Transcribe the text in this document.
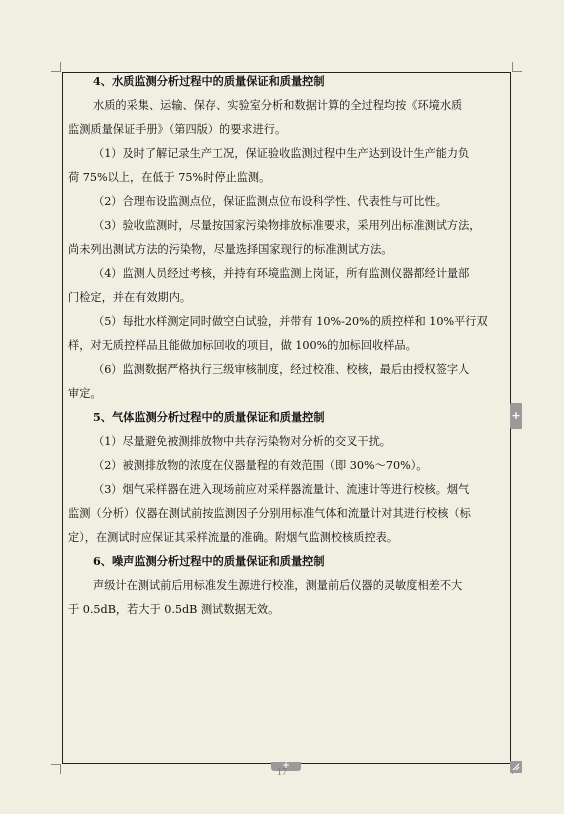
4、水质监测分析过程中的质量保证和质量控制
水质的采集、运输、保存、实验室分析和数据计算的全过程均按《环境水质
监测质量保证手册》（第四版）的要求进行。
（1）及时了解记录生产工况，保证验收监测过程中生产达到设计生产能力负
荷 75%以上，在低于 75%时停止监测。
（2）合理布设监测点位，保证监测点位布设科学性、代表性与可比性。
（3）验收监测时，尽量按国家污染物排放标准要求，采用列出标准测试方法，
尚未列出测试方法的污染物，尽量选择国家现行的标准测试方法。
（4）监测人员经过考核，并持有环境监测上岗证，所有监测仪器都经计量部
门检定，并在有效期内。
（5）每批水样测定同时做空白试验，并带有 10%-20%的质控样和 10%平行双
样，对无质控样品且能做加标回收的项目，做 100%的加标回收样品。
（6）监测数据严格执行三级审核制度，经过校准、校核，最后由授权签字人
审定。
5、气体监测分析过程中的质量保证和质量控制
（1）尽量避免被测排放物中共存污染物对分析的交叉干扰。
（2）被测排放物的浓度在仪器量程的有效范围（即 30%～70%）。
（3）烟气采样器在进入现场前应对采样器流量计、流速计等进行校核。烟气
监测（分析）仪器在测试前按监测因子分别用标准气体和流量计对其进行校核（标
定），在测试时应保证其采样流量的准确。附烟气监测校核质控表。
6、噪声监测分析过程中的质量保证和质量控制
声级计在测试前后用标准发生源进行校准，测量前后仪器的灵敏度相差不大
于 0.5dB，若大于 0.5dB 测试数据无效。
+
+
17
